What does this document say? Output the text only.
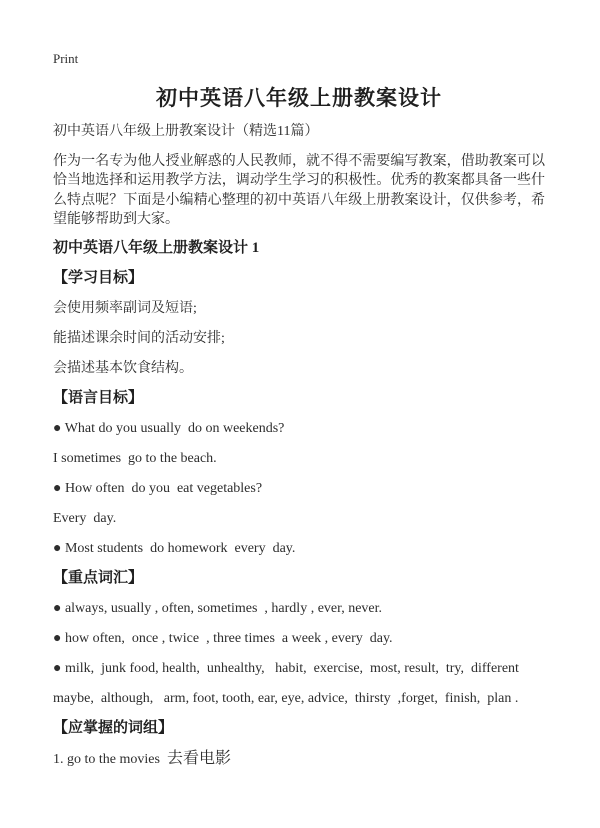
Print
初中英语八年级上册教案设计

初中英语八年级上册教案设计（精选11篇）

作为一名专为他人授业解惑的人民教师，就不得不需要编写教案，借助教案可以恰当地选择和运用教学方法，调动学生学习的积极性。优秀的教案都具备一些什么特点呢？下面是小编精心整理的初中英语八年级上册教案设计，仅供参考，希望能够帮助到大家。

初中英语八年级上册教案设计 1
【学习目标】

会使用频率副词及短语;

能描述课余时间的活动安排;

会描述基本饮食结构。

【语言目标】

● What do you usually  do on weekends?

I sometimes  go to the beach.

● How often  do you  eat vegetables?

Every  day.

● Most students  do homework  every  day.

【重点词汇】

● always, usually , often, sometimes  , hardly , ever, never.

● how often,  once , twice  , three times  a week , every  day.

● milk,  junk food, health,  unhealthy,   habit,  exercise,  most, result,  try,  different

maybe,  although,   arm, foot, tooth, ear, eye, advice,  thirsty  ,forget,  finish,  plan .

【应掌握的词组】

1. go to the movies  去看电影
